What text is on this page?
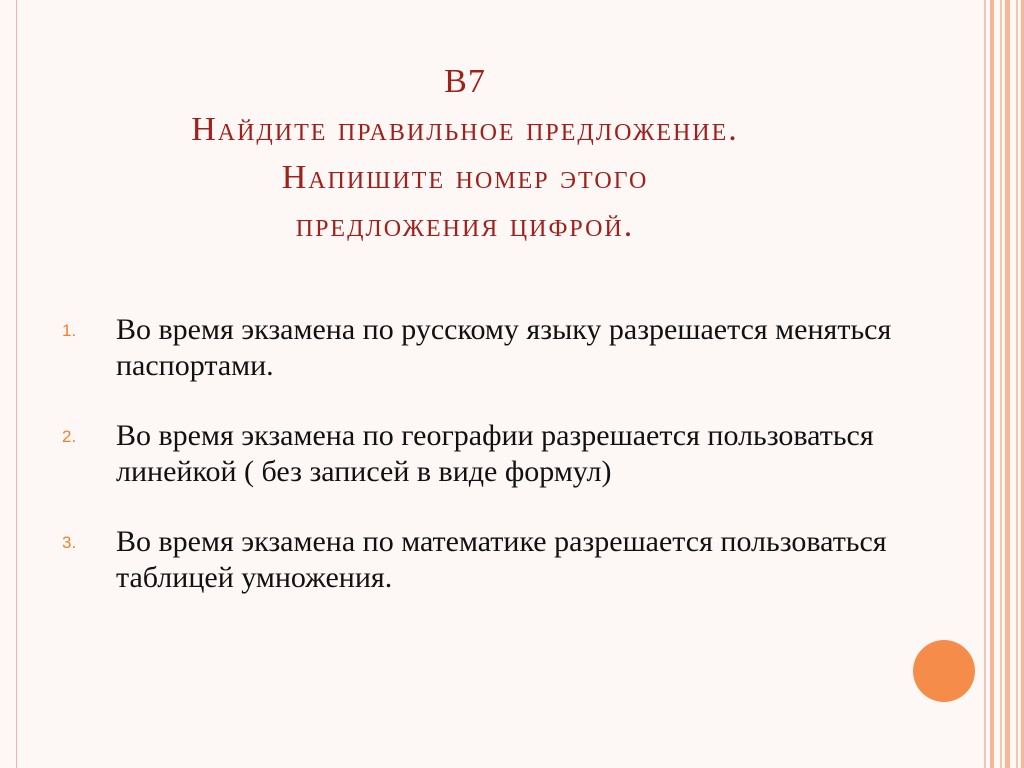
В7
Найдите правильное предложение.
Напишите номер этого
предложения цифрой.
1.	Во время экзамена по русскому языку разрешается меняться паспортами.
2.	Во время экзамена по географии разрешается пользоваться линейкой ( без записей в виде формул)
3.	Во время экзамена по математике разрешается пользоваться таблицей умножения.
